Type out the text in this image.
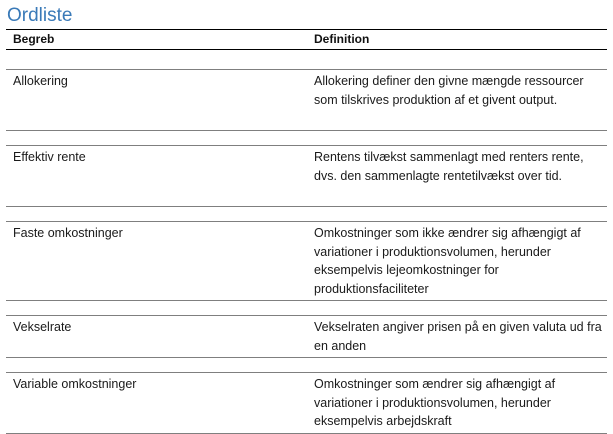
Ordliste
Begreb	Definition
Allokering	Allokering definer den givne mængde ressourcer som tilskrives produktion af et givent output.
Effektiv rente	Rentens tilvækst sammenlagt med renters rente, dvs. den sammenlagte rentetilvækst over tid.
Faste omkostninger	Omkostninger som ikke ændrer sig afhængigt af variationer i produktionsvolumen, herunder eksempelvis lejeomkostninger for produktionsfaciliteter
Vekselrate	Vekselraten angiver prisen på en given valuta ud fra en anden
Variable omkostninger	Omkostninger som ændrer sig afhængigt af variationer i produktionsvolumen, herunder eksempelvis arbejdskraft
